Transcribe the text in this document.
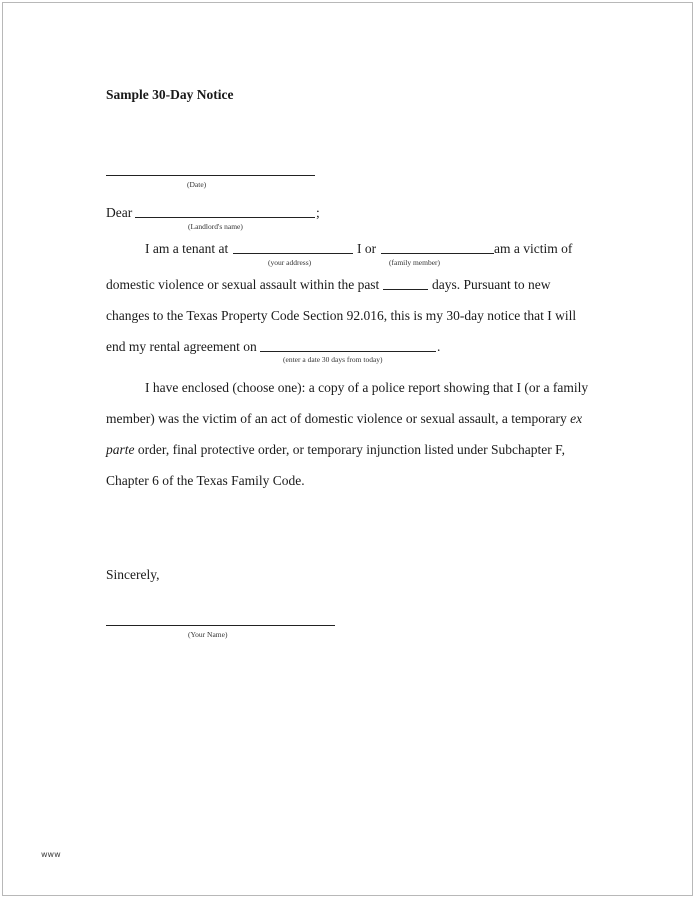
Sample 30-Day Notice
(Date)
Dear	;
(Landlord's name)
I am a tenant at	I or	am a victim of
(your address)	(family member)
domestic violence or sexual assault within the past	days. Pursuant to new
changes to the Texas Property Code Section 92.016, this is my 30-day notice that I will
end my rental agreement on	.
(enter a date 30 days from today)
I have enclosed (choose one): a copy of a police report showing that I (or a family
member) was the victim of an act of domestic violence or sexual assault, a temporary ex
parte order, final protective order, or temporary injunction listed under Subchapter F,
Chapter 6 of the Texas Family Code.
Sincerely,
(Your Name)
www
